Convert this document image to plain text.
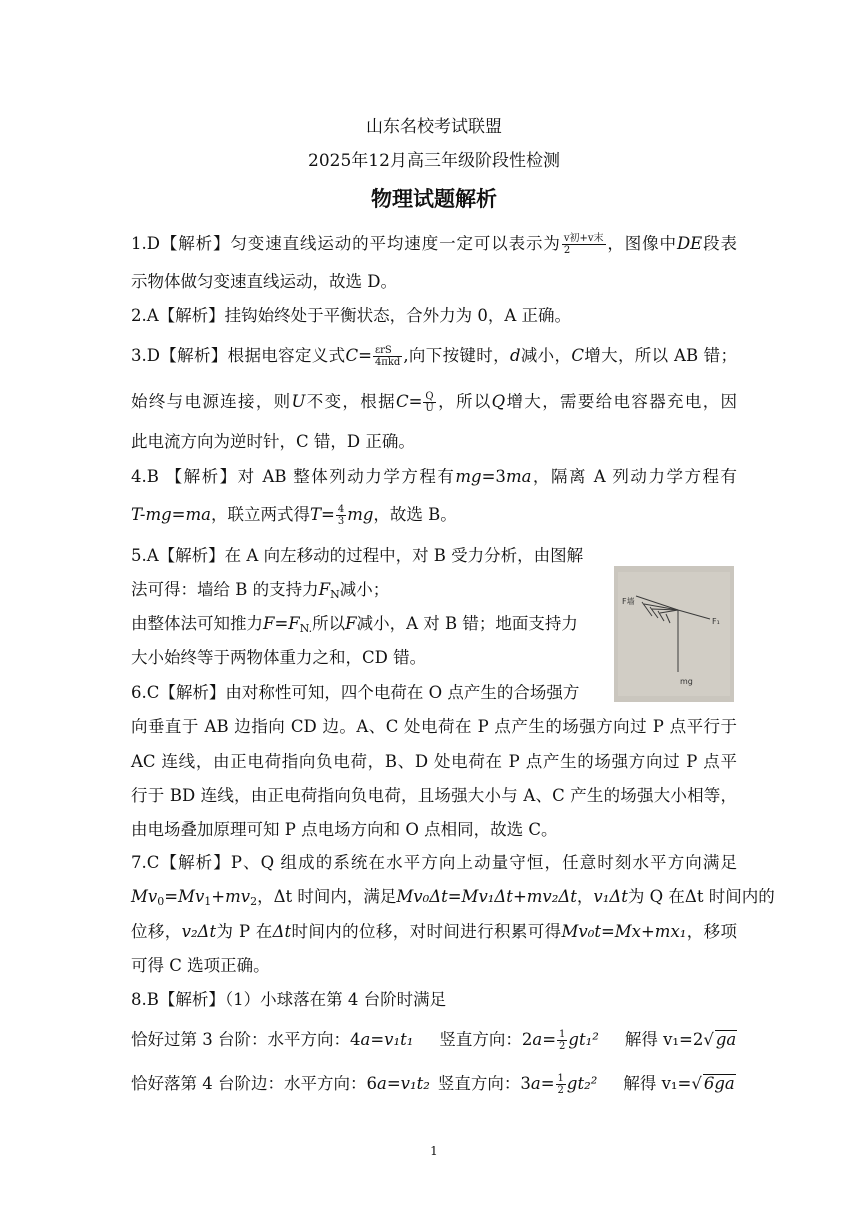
山东名校考试联盟
2025年12月高三年级阶段性检测
物理试题解析
1.D【解析】匀变速直线运动的平均速度一定可以表示为 $\frac{\text{v初+v末}}{2}$ ，图像中DE段表
示物体做匀变速直线运动，故选 D。
2.A【解析】挂钩始终处于平衡状态，合外力为 0，A 正确。
3.D【解析】根据电容定义式$C= \frac{\text{εrS}}{\text{4πkd}}$ ,向下按键时，d减小，C增大，所以 AB 错；
始终与电源连接，则U不变，根据$C= \frac{Q}{U}$ ，所以Q增大，需要给电容器充电，因
此电流方向为逆时针，C 错，D 正确。
4.B 【解析】对 AB 整体列动力学方程有mg=3ma，隔离 A 列动力学方程有
T-mg=ma，联立两式得$T= \frac{4}{3}$ mg，故选 B。
5.A【解析】在 A 向左移动的过程中，对 B 受力分析，由图解
法可得：墙给 B 的支持力$F_N$减小；
由整体法可知推力$F=F_{N.}$所以F减小，A 对 B 错；地面支持力
大小始终等于两物体重力之和，CD 错。
F墙
F₁
mg
6.C【解析】由对称性可知，四个电荷在 O 点产生的合场强方
向垂直于 AB 边指向 CD 边。A、C 处电荷在 P 点产生的场强方向过 P 点平行于
AC 连线，由正电荷指向负电荷，B、D 处电荷在 P 点产生的场强方向过 P 点平
行于 BD 连线，由正电荷指向负电荷，且场强大小与 A、C 产生的场强大小相等，
由电场叠加原理可知 P 点电场方向和 O 点相同，故选 C。
7.C【解析】P、Q 组成的系统在水平方向上动量守恒，任意时刻水平方向满足
$Mv_0=Mv_1+mv_2$，Δt 时间内，满足Mv₀Δt=Mv₁Δt+mv₂Δt，v₁Δt为 Q 在Δt 时间内的
位移，v₂Δt为 P 在Δt时间内的位移，对时间进行积累可得Mv₀t=Mx+mx₁，移项
可得 C 选项正确。
8.B【解析】（1）小球落在第 4 台阶时满足
恰好过第 3 台阶：水平方向：4a=v₁t₁ 竖直方向：$2a= \frac{1}{2} gt_1^2$ 解得 v₁=2√ ga
恰好落第 4 台阶边：水平方向：6a=v₁t₂ 竖直方向：$3a= \frac{1}{2} gt_2^2$ 解得 v₁=√ 6ga
1
